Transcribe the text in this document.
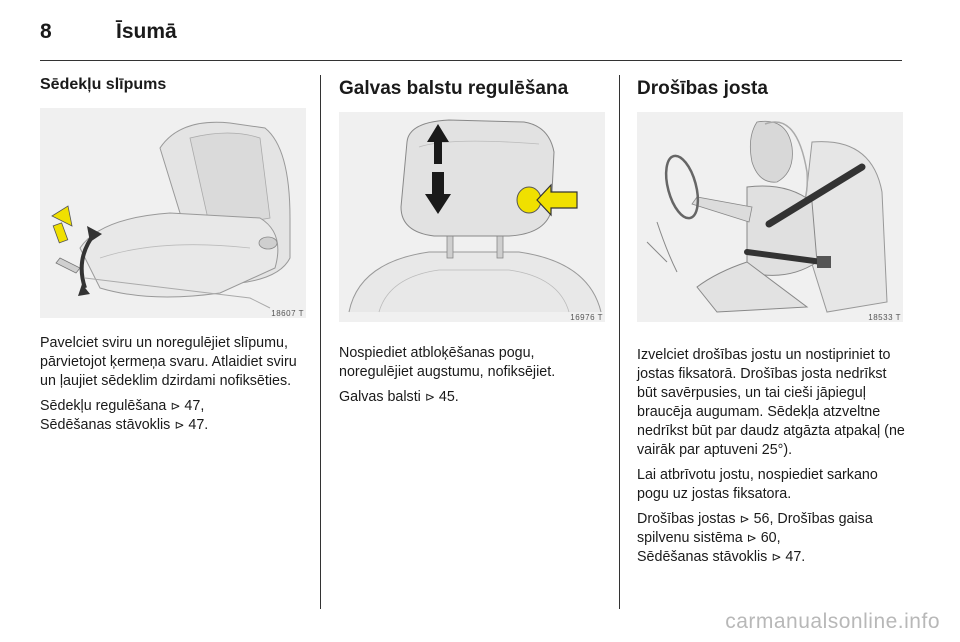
8	Īsumā
Sēdekļu slīpums
18607 T

Pavelciet sviru un noregulējiet slīpumu, pārvietojot ķermeņa svaru. Atlaidiet sviru un ļaujiet sēdeklim dzirdami nofiksēties.

Sēdekļu regulēšana ⊳ 47,
Sēdēšanas stāvoklis ⊳ 47.

Galvas balstu regulēšana
16976 T

Nospiediet atbloķēšanas pogu, noregulējiet augstumu, nofiksējiet.

Galvas balsti ⊳ 45.

Drošības josta
18533 T

Izvelciet drošības jostu un nostipriniet to jostas fiksatorā. Drošības josta nedrīkst būt savērpusies, un tai cieši jāpieguļ braucēja augumam. Sēdekļa atzveltne nedrīkst būt par daudz atgāzta atpakaļ (ne vairāk par aptuveni 25°).

Lai atbrīvotu jostu, nospiediet sarkano pogu uz jostas fiksatora.

Drošības jostas ⊳ 56, Drošības gaisa spilvenu sistēma ⊳ 60,
Sēdēšanas stāvoklis ⊳ 47.

carmanualsonline.info
